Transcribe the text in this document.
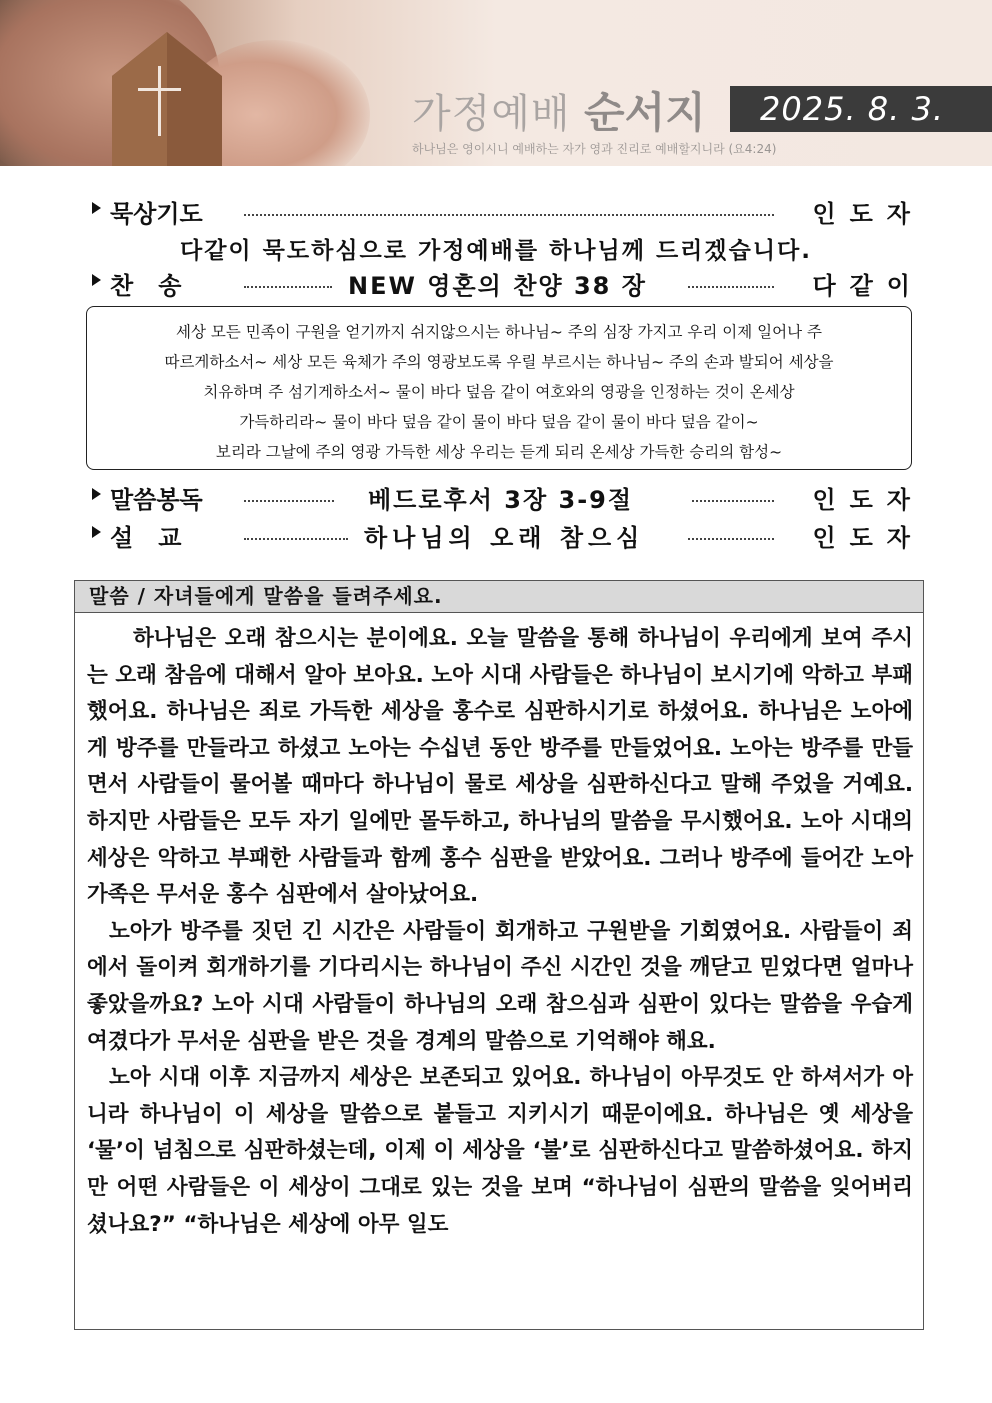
가정예배 순서지 2025. 8. 3.
하나님은 영이시니 예배하는 자가 영과 진리로 예배할지니라 (요4:24)
묵상기도	인도자
다같이 묵도하심으로 가정예배를 하나님께 드리겠습니다.
찬   송	NEW 영혼의 찬양 38 장	다같이
세상 모든 민족이 구원을 얻기까지 쉬지않으시는 하나님~ 주의 심장 가지고 우리 이제 일어나 주
따르게하소서~ 세상 모든 육체가 주의 영광보도록 우릴 부르시는 하나님~ 주의 손과 발되어 세상을
치유하며 주 섬기게하소서~ 물이 바다 덮음 같이 여호와의 영광을 인정하는 것이 온세상
가득하리라~ 물이 바다 덮음 같이 물이 바다 덮음 같이 물이 바다 덮음 같이~
보리라 그날에 주의 영광 가득한 세상 우리는 듣게 되리 온세상 가득한 승리의 함성~
말씀봉독	베드로후서 3장 3-9절	인도자
설   교	하나님의 오래 참으심	인도자
말씀 / 자녀들에게 말씀을 들려주세요.

하나님은 오래 참으시는 분이에요. 오늘 말씀을 통해 하나님이 우리에게 보여 주시는 오래 참음에 대해서 알아 보아요. 노아 시대 사람들은 하나님이 보시기에 악하고 부패했어요. 하나님은 죄로 가득한 세상을 홍수로 심판하시기로 하셨어요. 하나님은 노아에게 방주를 만들라고 하셨고 노아는 수십년 동안 방주를 만들었어요. 노아는 방주를 만들면서 사람들이 물어볼 때마다 하나님이 물로 세상을 심판하신다고 말해 주었을 거예요. 하지만 사람들은 모두 자기 일에만 몰두하고, 하나님의 말씀을 무시했어요. 노아 시대의 세상은 악하고 부패한 사람들과 함께 홍수 심판을 받았어요. 그러나 방주에 들어간 노아 가족은 무서운 홍수 심판에서 살아났어요.

노아가 방주를 짓던 긴 시간은 사람들이 회개하고 구원받을 기회였어요. 사람들이 죄에서 돌이켜 회개하기를 기다리시는 하나님이 주신 시간인 것을 깨닫고 믿었다면 얼마나 좋았을까요? 노아 시대 사람들이 하나님의 오래 참으심과 심판이 있다는 말씀을 우습게 여겼다가 무서운 심판을 받은 것을 경계의 말씀으로 기억해야 해요.

노아 시대 이후 지금까지 세상은 보존되고 있어요. 하나님이 아무것도 안 하셔서가 아니라 하나님이 이 세상을 말씀으로 붙들고 지키시기 때문이에요. 하나님은 옛 세상을 ‘물’이 넘침으로 심판하셨는데, 이제 이 세상을 ‘불’로 심판하신다고 말씀하셨어요. 하지만 어떤 사람들은 이 세상이 그대로 있는 것을 보며 “하나님이 심판의 말씀을 잊어버리셨나요?” “하나님은 세상에 아무 일도
